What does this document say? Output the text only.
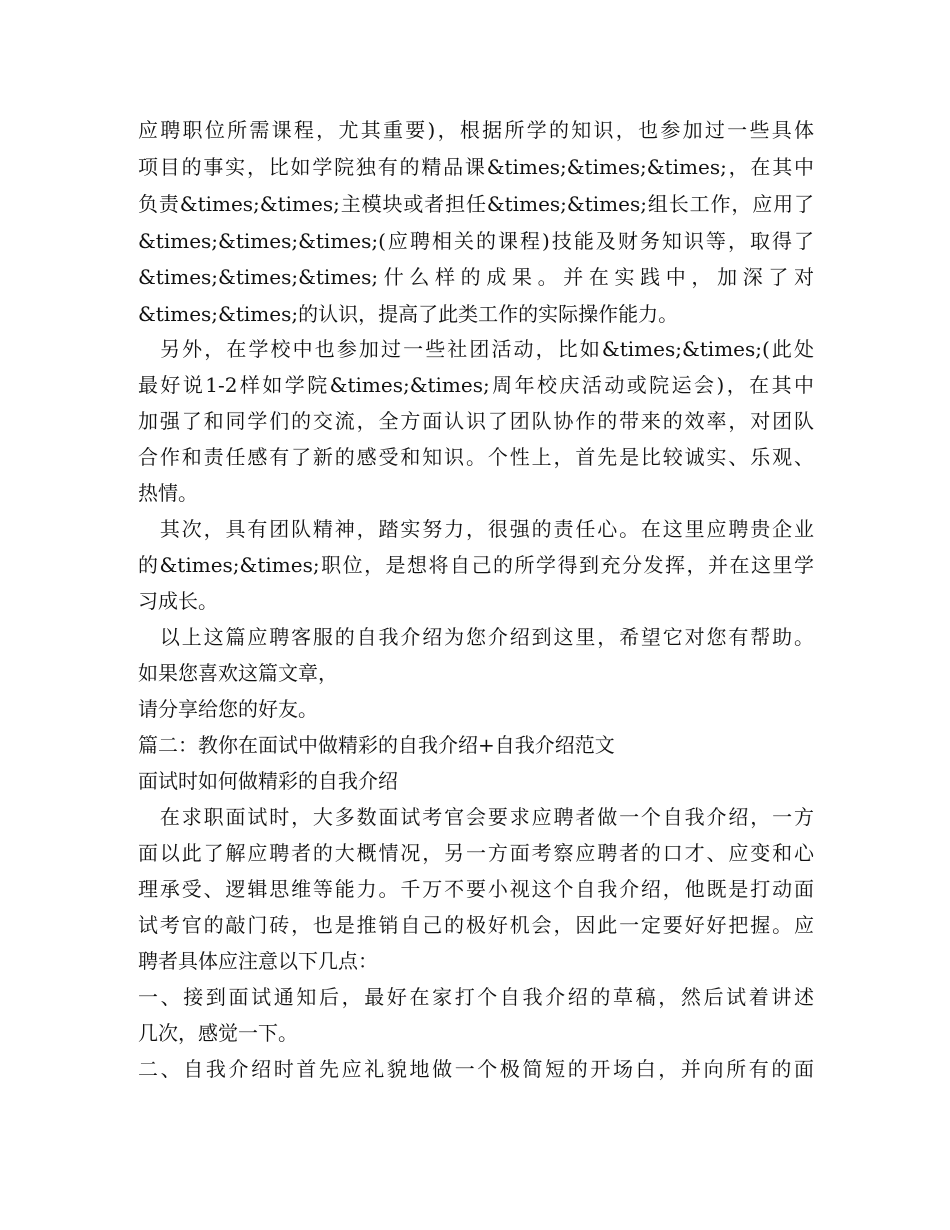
应聘职位所需课程，尤其重要)，根据所学的知识，也参加过一些具体
项目的事实，比如学院独有的精品课&times;&times;&times;，在其中
负责&times;&times;主模块或者担任&times;&times;组长工作，应用了
&times;&times;&times;(应聘相关的课程)技能及财务知识等，取得了
&times;&times;&times;什么样的成果。并在实践中，加深了对
&times;&times;的认识，提高了此类工作的实际操作能力。
　另外，在学校中也参加过一些社团活动，比如&times;&times;(此处
最好说1-2样如学院&times;&times;周年校庆活动或院运会)，在其中
加强了和同学们的交流，全方面认识了团队协作的带来的效率，对团队
合作和责任感有了新的感受和知识。个性上，首先是比较诚实、乐观、
热情。
　其次，具有团队精神，踏实努力，很强的责任心。在这里应聘贵企业
的&times;&times;职位，是想将自己的所学得到充分发挥，并在这里学
习成长。
　以上这篇应聘客服的自我介绍为您介绍到这里，希望它对您有帮助。
如果您喜欢这篇文章，
请分享给您的好友。
篇二：教你在面试中做精彩的自我介绍+自我介绍范文
面试时如何做精彩的自我介绍
　在求职面试时，大多数面试考官会要求应聘者做一个自我介绍，一方
面以此了解应聘者的大概情况，另一方面考察应聘者的口才、应变和心
理承受、逻辑思维等能力。千万不要小视这个自我介绍，他既是打动面
试考官的敲门砖，也是推销自己的极好机会，因此一定要好好把握。应
聘者具体应注意以下几点：
一、接到面试通知后，最好在家打个自我介绍的草稿，然后试着讲述
几次，感觉一下。
二、自我介绍时首先应礼貌地做一个极简短的开场白，并向所有的面
